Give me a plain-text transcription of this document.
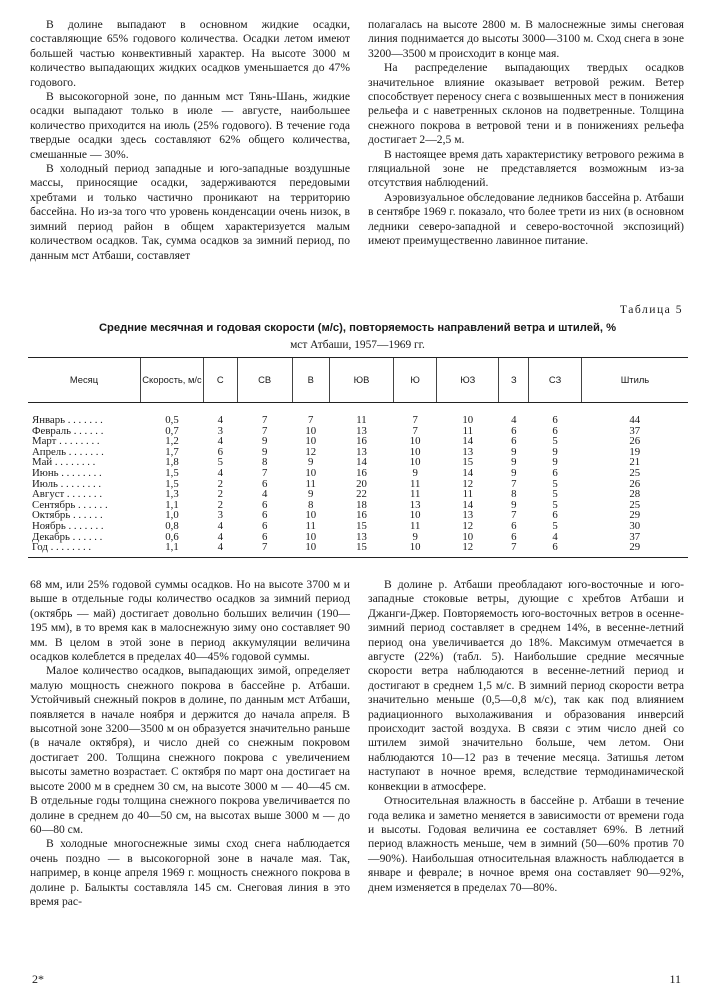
В долине выпадают в основном жидкие осадки, составляющие 65% годового количества. Осадки летом имеют большей частью конвективный характер. На высоте 3000 м количество выпадающих жидких осадков уменьшается до 47% годового.

В высокогорной зоне, по данным мст Тянь-Шань, жидкие осадки выпадают только в июле — августе, наибольшее количество приходится на июль (25% годового). В течение года твердые осадки здесь составляют 62% общего количества, смешанные — 30%.

В холодный период западные и юго-западные воздушные массы, приносящие осадки, задерживаются передовыми хребтами и только частично проникают на территорию бассейна. Но из-за того что уровень конденсации очень низок, в зимний период район в общем характеризуется малым количеством осадков. Так, сумма осадков за зимний период, по данным мст Атбаши, составляет

полагалась на высоте 2800 м. В малоснежные зимы снеговая линия поднимается до высоты 3000—3100 м. Сход снега в зоне 3200—3500 м происходит в конце мая.

На распределение выпадающих твердых осадков значительное влияние оказывает ветровой режим. Ветер способствует переносу снега с возвышенных мест в понижения рельефа и с наветренных склонов на подветренные. Толщина снежного покрова в ветровой тени и в понижениях рельефа достигает 2—2,5 м.

В настоящее время дать характеристику ветрового режима в гляциальной зоне не представляется возможным из-за отсутствия наблюдений.

Аэровизуальное обследование ледников бассейна р. Атбаши в сентябре 1969 г. показало, что более трети из них (в основном ледники северо-западной и северо-восточной экспозиций) имеют преимущественно лавинное питание.

Таблица 5
Средние месячная и годовая скорости (м/с), повторяемость направлений ветра и штилей, %
мст Атбаши, 1957—1969 гг.
Месяц	Скорость, м/с	С	СВ	В	ЮВ	Ю	ЮЗ	З	СЗ	Штиль

Январь . . . . . . .	0,5	4	7	7	11	7	10	4	6	44
Февраль . . . . . .	0,7	3	7	10	13	7	11	6	6	37
Март . . . . . . . .	1,2	4	9	10	16	10	14	6	5	26
Апрель . . . . . . .	1,7	6	9	12	13	10	13	9	9	19
Май . . . . . . . .	1,8	5	8	9	14	10	15	9	9	21
Июнь . . . . . . . .	1,5	4	7	10	16	9	14	9	6	25
Июль . . . . . . . .	1,5	2	6	11	20	11	12	7	5	26
Август . . . . . . .	1,3	2	4	9	22	11	11	8	5	28
Сентябрь . . . . . .	1,1	2	6	8	18	13	14	9	5	25
Октябрь . . . . . .	1,0	3	6	10	16	10	13	7	6	29
Ноябрь . . . . . . .	0,8	4	6	11	15	11	12	6	5	30
Декабрь . . . . . .	0,6	4	6	10	13	9	10	6	4	37
Год . . . . . . . .	1,1	4	7	10	15	10	12	7	6	29

68 мм, или 25% годовой суммы осадков. Но на высоте 3700 м и выше в отдельные годы количество осадков за зимний период (октябрь — май) достигает довольно больших величин (190—195 мм), в то время как в малоснежную зиму оно составляет 90 мм. В целом в этой зоне в период аккумуляции величина осадков колеблется в пределах 40—45% годовой суммы.

Малое количество осадков, выпадающих зимой, определяет малую мощность снежного покрова в бассейне р. Атбаши. Устойчивый снежный покров в долине, по данным мст Атбаши, появляется в начале ноября и держится до начала апреля. В высотной зоне 3200—3500 м он образуется значительно раньше (в начале октября), и число дней со снежным покровом достигает 200. Толщина снежного покрова с увеличением высоты заметно возрастает. С октября по март она достигает на высоте 2000 м в среднем 30 см, на высоте 3000 м — 40—45 см. В отдельные годы толщина снежного покрова увеличивается по долине в среднем до 40—50 см, на высотах выше 3000 м — до 60—80 см.

В холодные многоснежные зимы сход снега наблюдается очень поздно — в высокогорной зоне в начале мая. Так, например, в конце апреля 1969 г. мощность снежного покрова в долине р. Балыкты составляла 145 см. Снеговая линия в это время рас-

В долине р. Атбаши преобладают юго-восточные и юго-западные стоковые ветры, дующие с хребтов Атбаши и Джанги-Джер. Повторяемость юго-восточных ветров в осенне-зимний период составляет в среднем 14%, в весенне-летний период она увеличивается до 18%. Максимум отмечается в августе (22%) (табл. 5). Наибольшие средние месячные скорости ветра наблюдаются в весенне-летний период и достигают в среднем 1,5 м/с. В зимний период скорости ветра значительно меньше (0,5—0,8 м/с), так как под влиянием радиационного выхолаживания и образования инверсий происходит застой воздуха. В связи с этим число дней со штилем зимой значительно больше, чем летом. Они наблюдаются 10—12 раз в течение месяца. Затишья летом наступают в ночное время, вследствие термодинамической конвекции в атмосфере.

Относительная влажность в бассейне р. Атбаши в течение года велика и заметно меняется в зависимости от времени года и высоты. Годовая величина ее составляет 69%. В летний период влажность меньше, чем в зимний (50—60% против 70—90%). Наибольшая относительная влажность наблюдается в январе и феврале; в ночное время она составляет 90—92%, днем изменяется в пределах 70—80%.

2*	11
